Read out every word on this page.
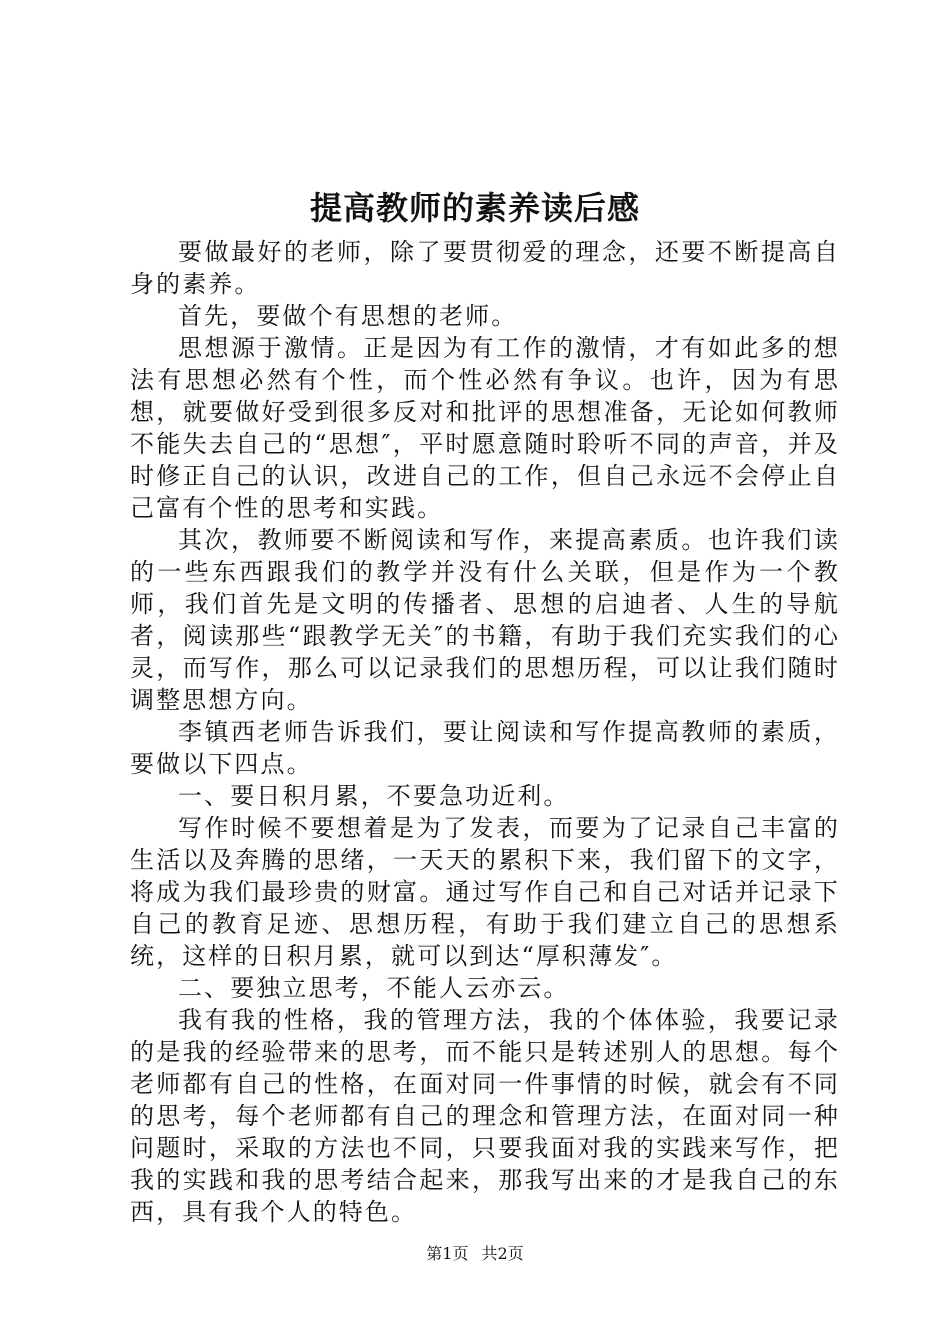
提高教师的素养读后感

要做最好的老师，除了要贯彻爱的理念，还要不断提高自身的素养。

首先，要做个有思想的老师。

思想源于激情。正是因为有工作的激情，才有如此多的想法有思想必然有个性，而个性必然有争议。也许，因为有思想，就要做好受到很多反对和批评的思想准备，无论如何教师不能失去自己的“思想″，平时愿意随时聆听不同的声音，并及时修正自己的认识，改进自己的工作，但自己永远不会停止自己富有个性的思考和实践。

其次，教师要不断阅读和写作，来提高素质。也许我们读的一些东西跟我们的教学并没有什么关联，但是作为一个教师，我们首先是文明的传播者、思想的启迪者、人生的导航者，阅读那些“跟教学无关″的书籍，有助于我们充实我们的心灵，而写作，那么可以记录我们的思想历程，可以让我们随时调整思想方向。

李镇西老师告诉我们，要让阅读和写作提高教师的素质，要做以下四点。

一、要日积月累，不要急功近利。

写作时候不要想着是为了发表，而要为了记录自己丰富的生活以及奔腾的思绪，一天天的累积下来，我们留下的文字，将成为我们最珍贵的财富。通过写作自己和自己对话并记录下自己的教育足迹、思想历程，有助于我们建立自己的思想系统，这样的日积月累，就可以到达“厚积薄发″。

二、要独立思考，不能人云亦云。

我有我的性格，我的管理方法，我的个体体验，我要记录的是我的经验带来的思考，而不能只是转述别人的思想。每个老师都有自己的性格，在面对同一件事情的时候，就会有不同的思考，每个老师都有自己的理念和管理方法，在面对同一种问题时，采取的方法也不同，只要我面对我的实践来写作，把我的实践和我的思考结合起来，那我写出来的才是我自己的东西，具有我个人的特色。

第1页 共2页
